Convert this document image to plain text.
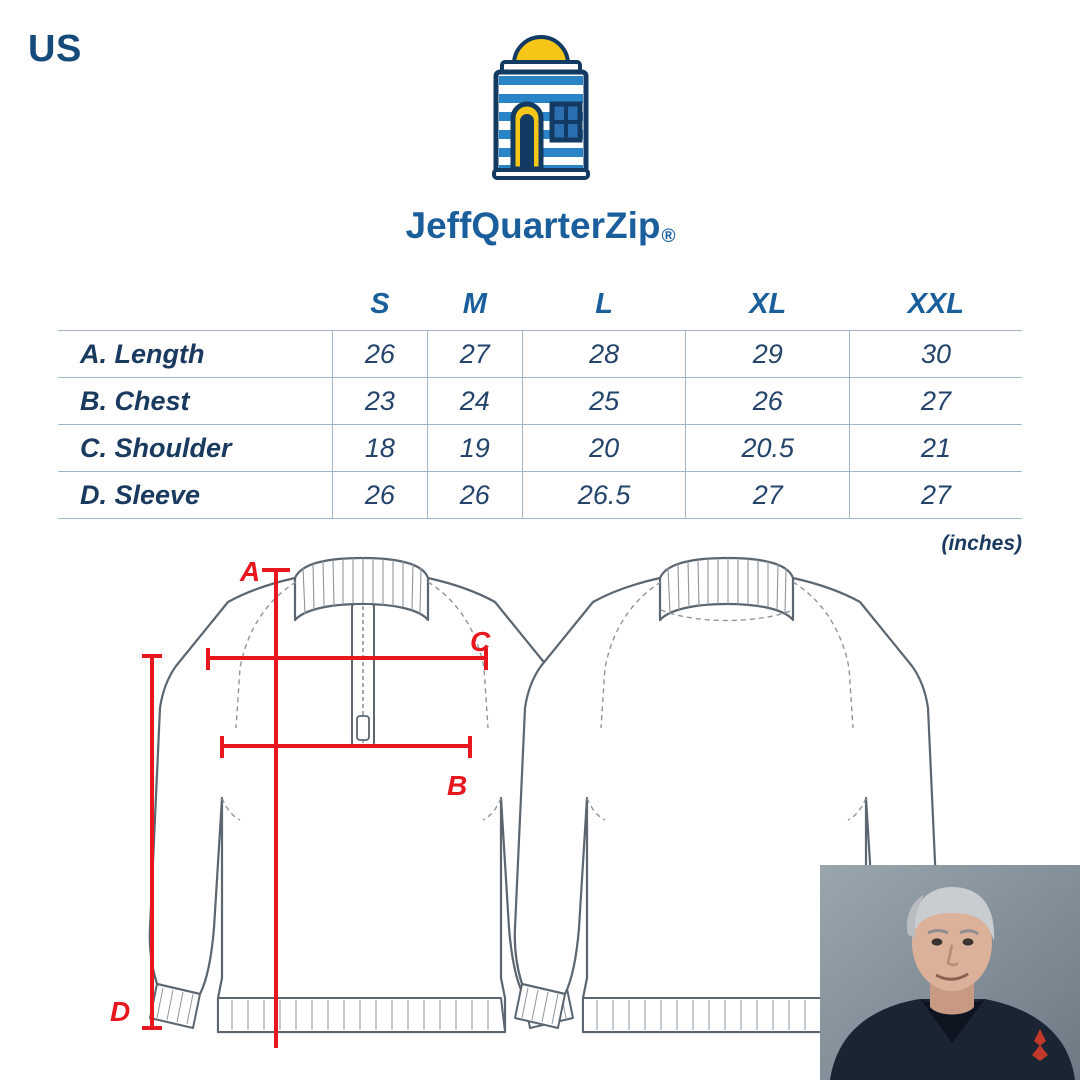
US
JeffQuarterZip®
	S	M	L	XL	XXL
A. Length	26	27	28	29	30
B. Chest	23	24	25	26	27
C. Shoulder	18	19	20	20.5	21
D. Sleeve	26	26	26.5	27	27
(inches)
A
C
B
D
